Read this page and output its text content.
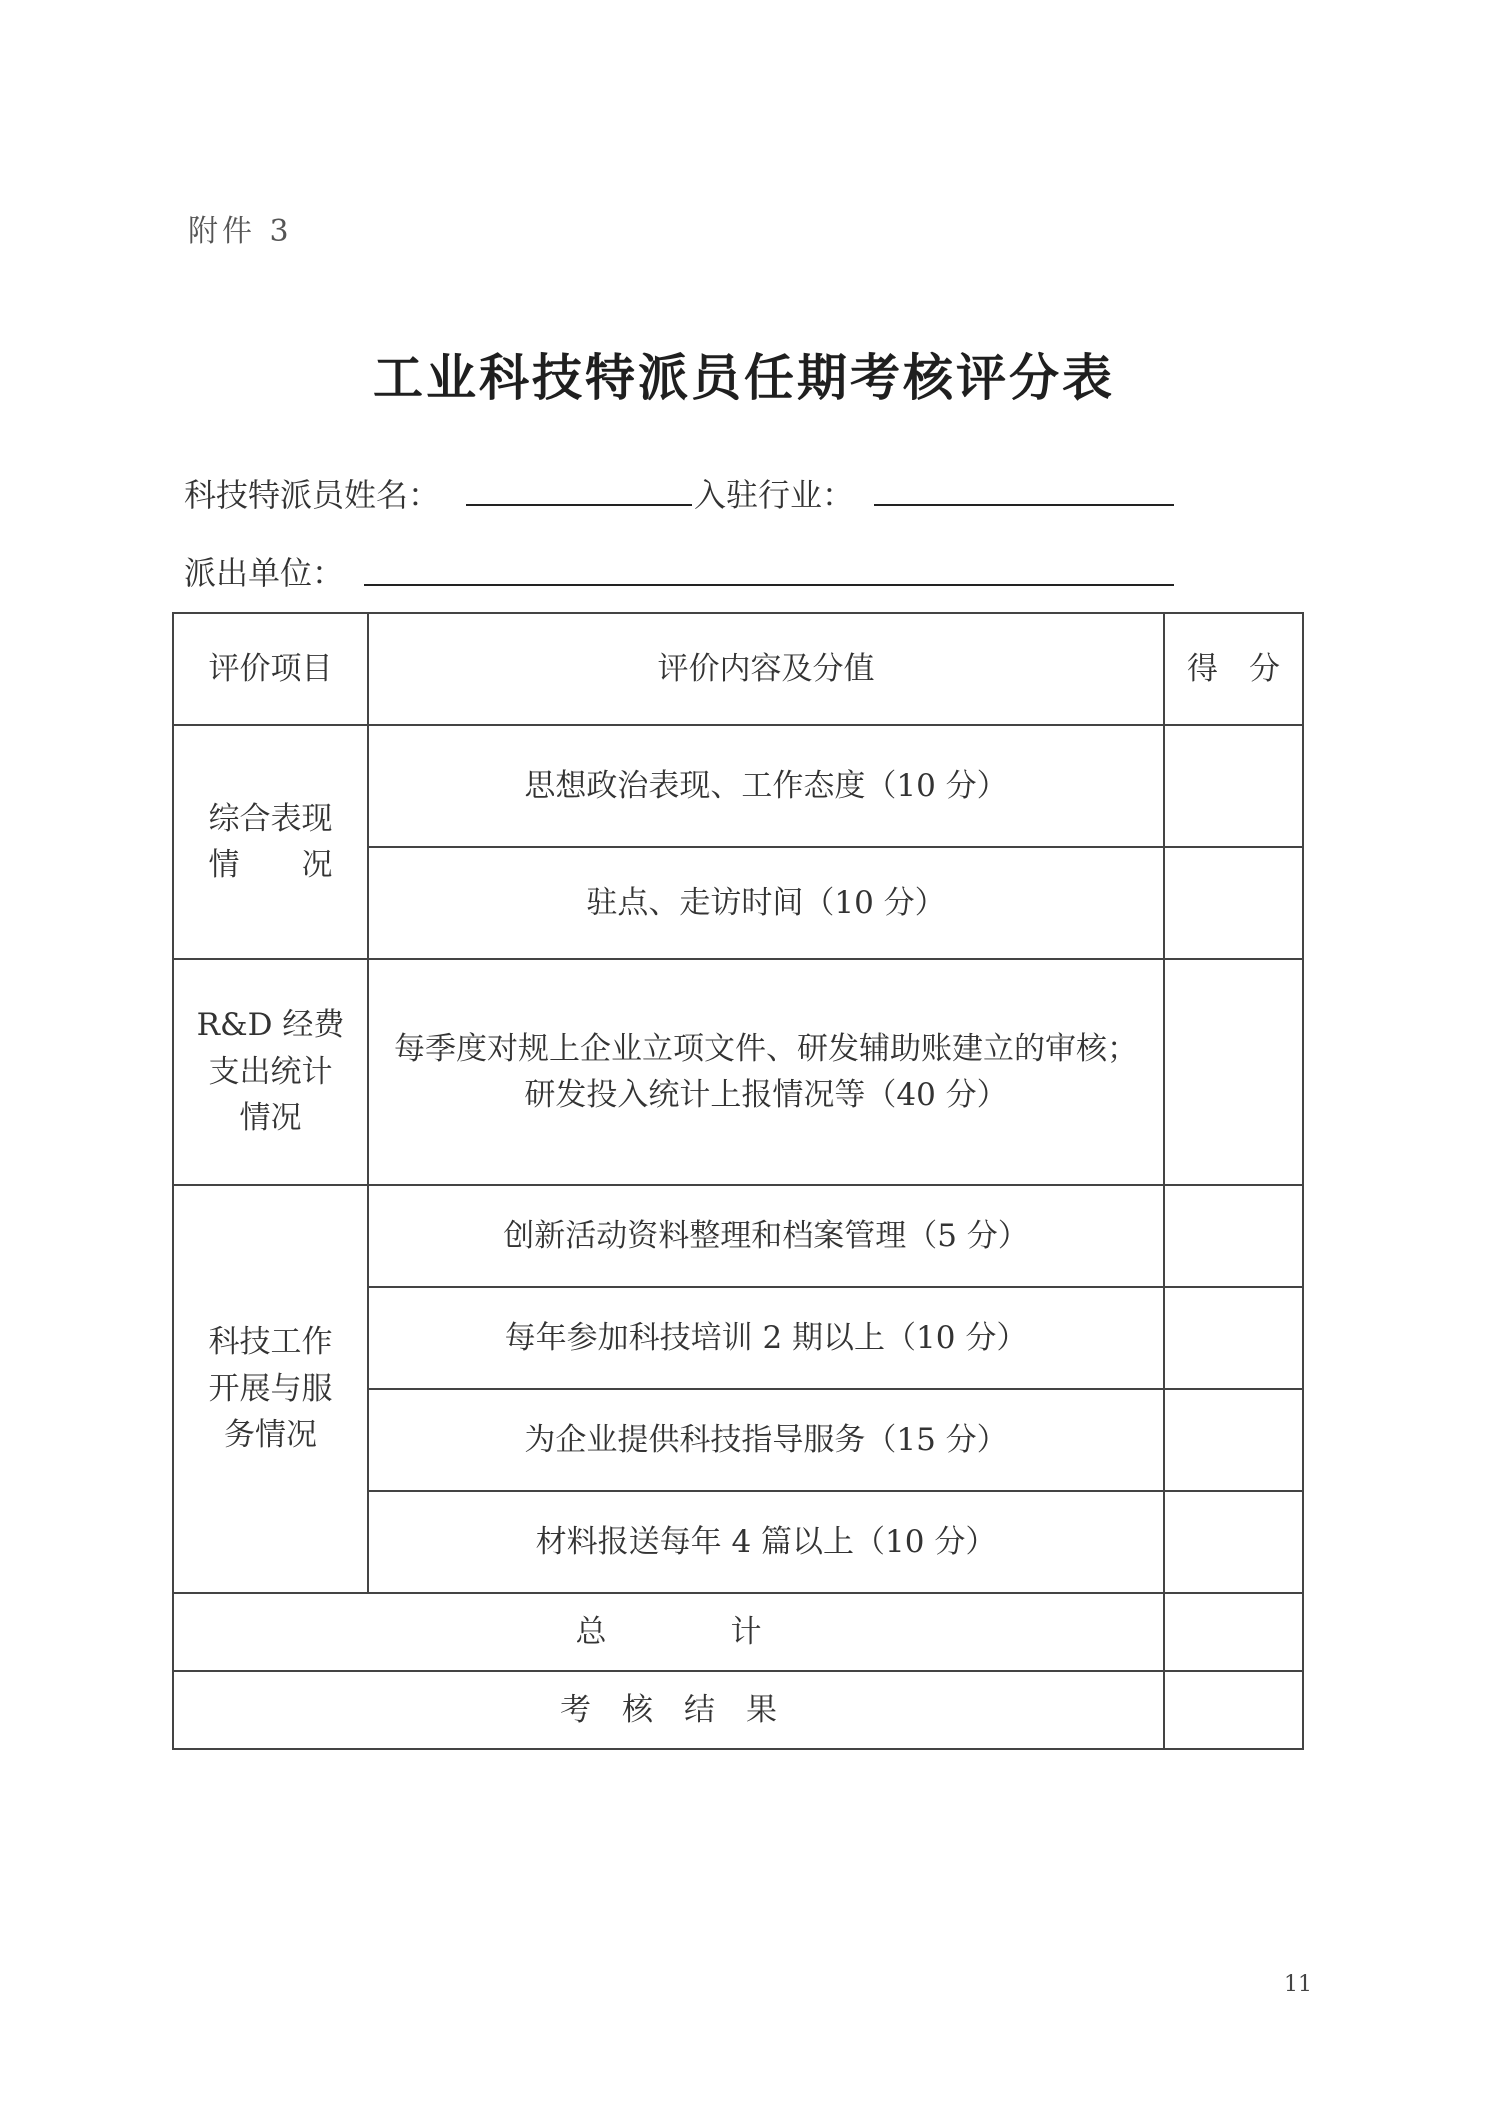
附件 3
工业科技特派员任期考核评分表
科技特派员姓名：	入驻行业：
派出单位：
评价项目	评价内容及分值	得　分

综合表现
情　　况	思想政治表现、工作态度（10 分）	
	驻点、走访时间（10 分）	

R&D 经费
支出统计
情况	每季度对规上企业立项文件、研发辅助账建立的审核；研发投入统计上报情况等（40 分）	

科技工作
开展与服
务情况	创新活动资料整理和档案管理（5 分）	
	每年参加科技培训 2 期以上（10 分）	
	为企业提供科技指导服务（15 分）	
	材料报送每年 4 篇以上（10 分）	
总　　　　计		
考　核　结　果		
11
